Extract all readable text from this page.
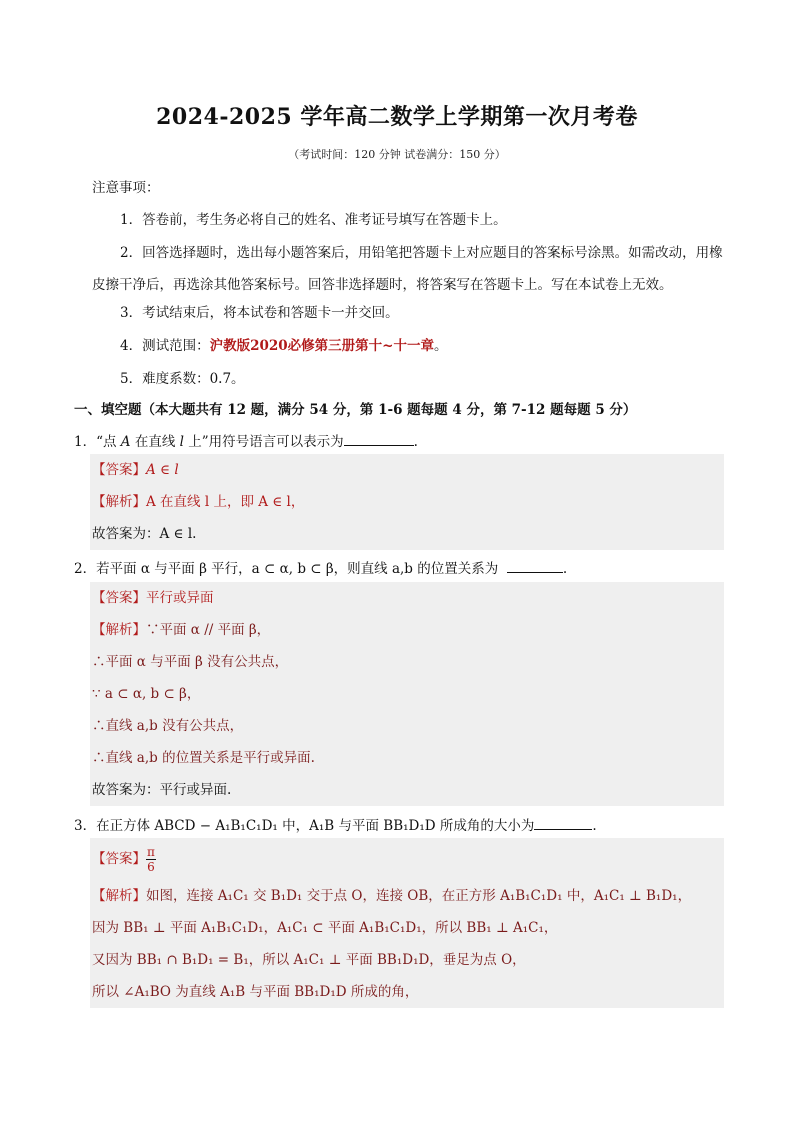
2024-2025 学年高二数学上学期第一次月考卷
（考试时间：120 分钟 试卷满分：150 分）
注意事项：
1．答卷前，考生务必将自己的姓名、准考证号填写在答题卡上。
2．回答选择题时，选出每小题答案后，用铅笔把答题卡上对应题目的答案标号涂黑。如需改动，用橡皮擦干净后，再选涂其他答案标号。回答非选择题时，将答案写在答题卡上。写在本试卷上无效。
3．考试结束后，将本试卷和答题卡一并交回。
4．测试范围：沪教版2020必修第三册第十~十一章。
5．难度系数：0.7。
一、填空题（本大题共有 12 题，满分 54 分，第 1-6 题每题 4 分，第 7-12 题每题 5 分）
1．“点 A 在直线 l 上”用符号语言可以表示为	.
【答案】A ∈ l
【解析】A 在直线 l 上，即 A ∈ l，
故答案为：A ∈ l.
2．若平面 α 与平面 β 平行，a ⊂ α, b ⊂ β，则直线 a,b 的位置关系为	.
【答案】平行或异面
【解析】∵平面 α // 平面 β，
∴平面 α 与平面 β 没有公共点，
∵ a ⊂ α, b ⊂ β，
∴直线 a,b 没有公共点，
∴直线 a,b 的位置关系是平行或异面.
故答案为：平行或异面.
3．在正方体 ABCD − A₁B₁C₁D₁ 中，A₁B 与平面 BB₁D₁D 所成角的大小为	.
【答案】 $\frac{\pi}{6}$
【解析】如图，连接 A₁C₁ 交 B₁D₁ 交于点 O，连接 OB，在正方形 A₁B₁C₁D₁ 中，A₁C₁ ⊥ B₁D₁，
因为 BB₁ ⊥ 平面 A₁B₁C₁D₁，A₁C₁ ⊂ 平面 A₁B₁C₁D₁，所以 BB₁ ⊥ A₁C₁，
又因为 BB₁ ∩ B₁D₁ = B₁，所以 A₁C₁ ⊥ 平面 BB₁D₁D，垂足为点 O，
所以 ∠A₁BO 为直线 A₁B 与平面 BB₁D₁D 所成的角，
